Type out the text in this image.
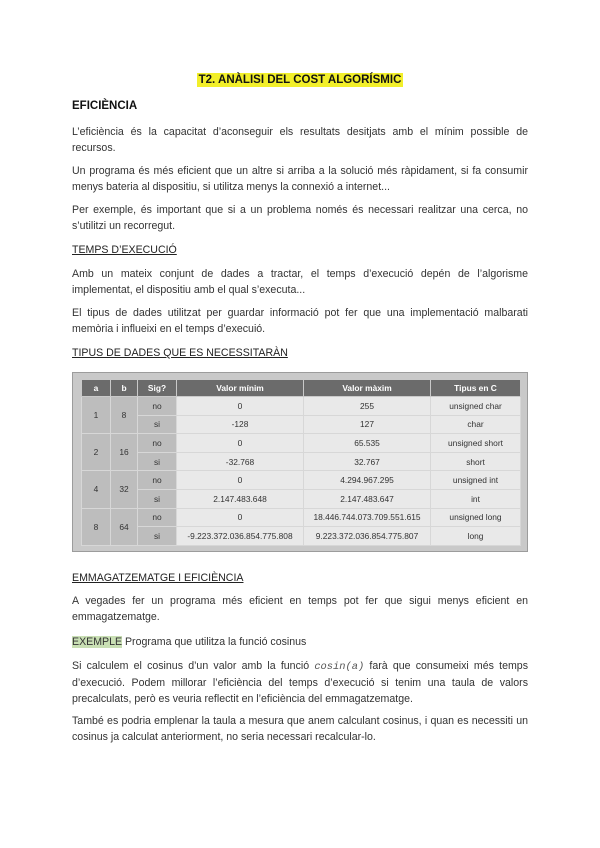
T2. ANÀLISI DEL COST ALGORÍSMIC
EFICIÈNCIA
L’eficiència és la capacitat d’aconseguir els resultats desitjats amb el mínim possible de recursos.
Un programa és més eficient que un altre si arriba a la solució més ràpidament, si fa consumir menys bateria al dispositiu, si utilitza menys la connexió a internet...
Per exemple, és important que si a un problema només és necessari realitzar una cerca, no s’utilitzi un recorregut.
TEMPS D’EXECUCIÓ
Amb un mateix conjunt de dades a tractar, el temps d’execució depén de l’algorisme implementat, el dispositiu amb el qual s’executa...
El tipus de dades utilitzat per guardar informació pot fer que una implementació malbarati memòria i influeixi en el temps d’execuió.
TIPUS DE DADES QUE ES NECESSITARÀN
a	b	Sig?	Valor mínim	Valor màxim	Tipus en C
1	8	no	0	255	unsigned char
		si	-128	127	char
2	16	no	0	65.535	unsigned short
		si	-32.768	32.767	short
4	32	no	0	4.294.967.295	unsigned int
		si	2.147.483.648	2.147.483.647	int
8	64	no	0	18.446.744.073.709.551.615	unsigned long
		si	-9.223.372.036.854.775.808	9.223.372.036.854.775.807	long
EMMAGATZEMATGE I EFICIÈNCIA
A vegades fer un programa més eficient en temps pot fer que sigui menys eficient en emmagatzematge.
EXEMPLE Programa que utilitza la funció cosinus
Si calculem el cosinus d’un valor amb la funció cosin(a) farà que consumeixi més temps d’execució. Podem millorar l’eficiència del temps d’execució si tenim una taula de valors precalculats, però es veuria reflectit en l’eficiència del emmagatzematge.
També es podria emplenar la taula a mesura que anem calculant cosinus, i quan es necessiti un cosinus ja calculat anteriorment, no seria necessari recalcular-lo.
